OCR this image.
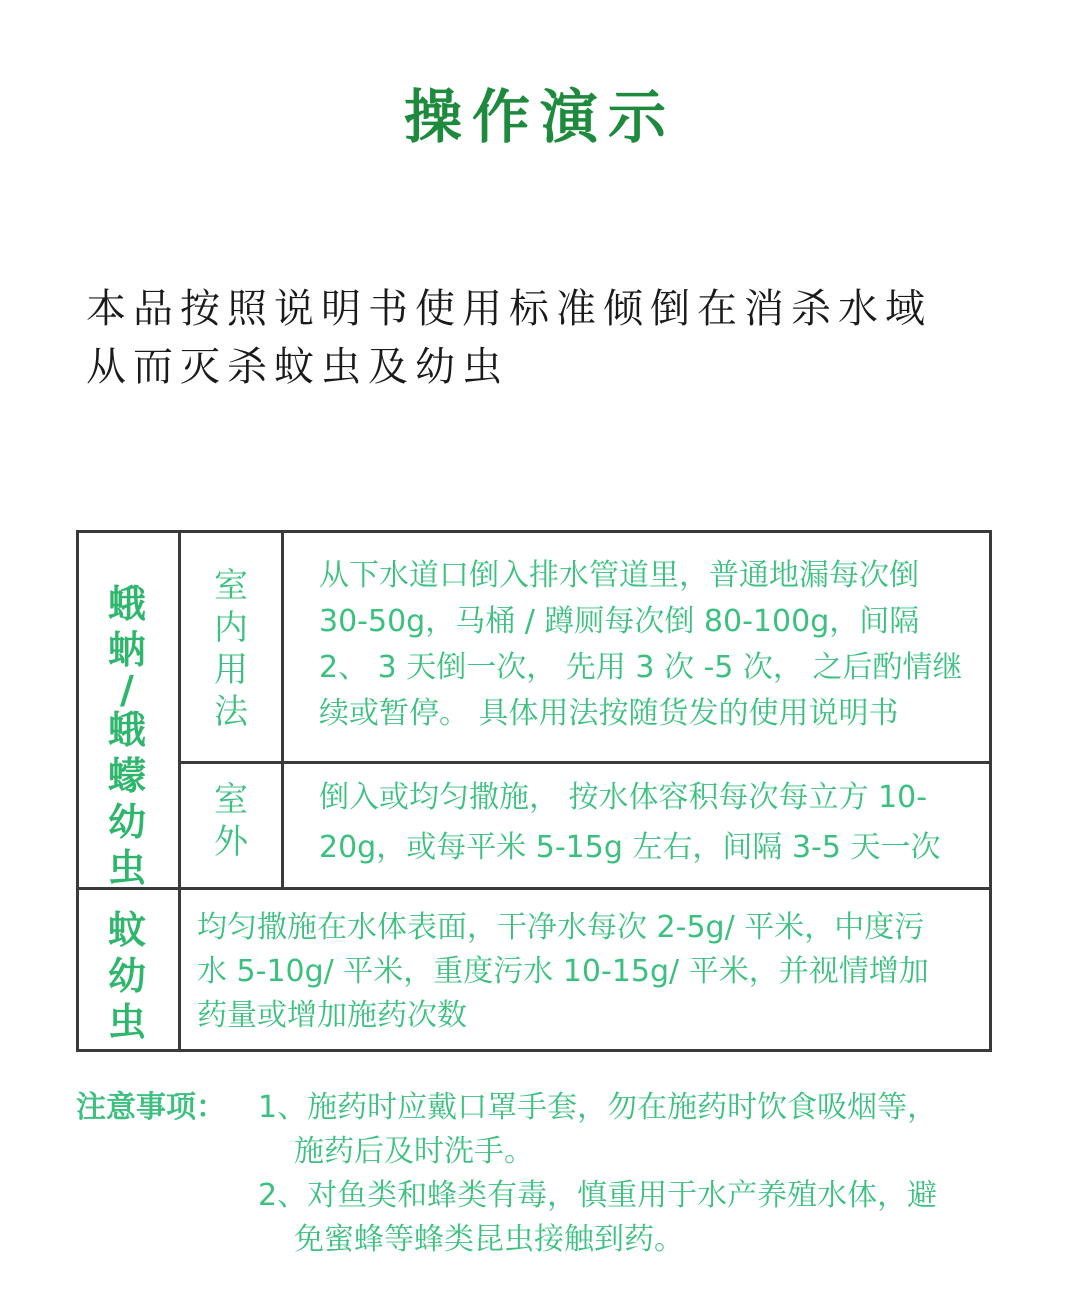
操作演示
本品按照说明书使用标准倾倒在消杀水域
从而灭杀蚊虫及幼虫
蛾
蚋
/
蛾
蠓
幼
虫
室
内
用
法
从下水道口倒入排水管道里，普通地漏每次倒
30-50g，马桶 / 蹲厕每次倒 80-100g，间隔
2、 3 天倒一次， 先用 3 次 -5 次， 之后酌情继
续或暂停。 具体用法按随货发的使用说明书
室
外
倒入或均匀撒施， 按水体容积每次每立方 10-
20g，或每平米 5-15g 左右，间隔 3-5 天一次
蚊
幼
虫
均匀撒施在水体表面，干净水每次 2-5g/ 平米，中度污
水 5-10g/ 平米，重度污水 10-15g/ 平米，并视情增加
药量或增加施药次数
注意事项： 1、施药时应戴口罩手套，勿在施药时饮食吸烟等，
施药后及时洗手。
2、对鱼类和蜂类有毒，慎重用于水产养殖水体，避
免蜜蜂等蜂类昆虫接触到药。
